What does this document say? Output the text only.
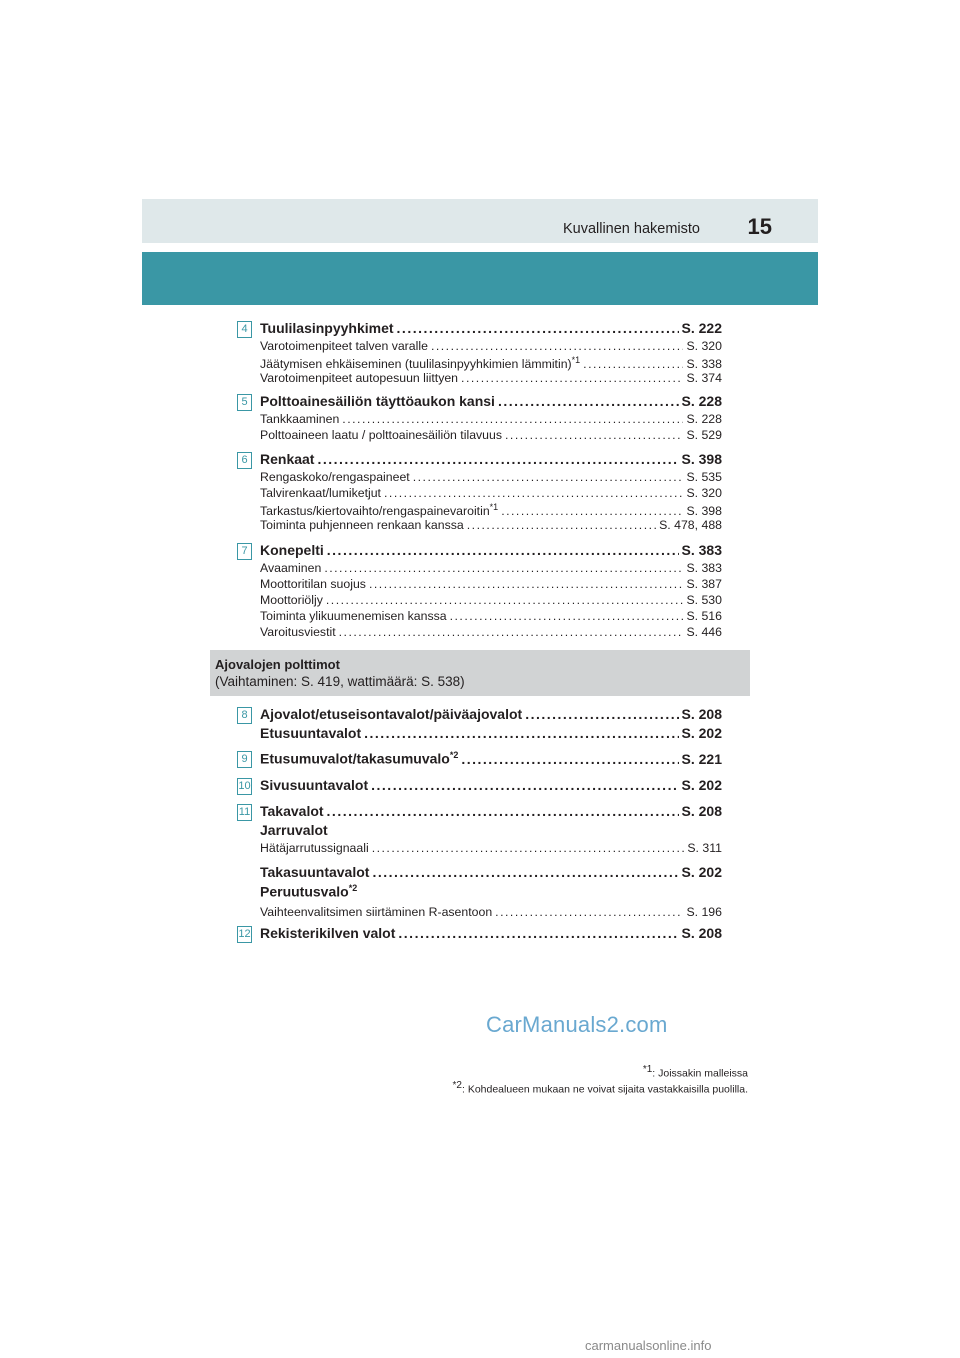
Kuvallinen hakemisto 15
4 Tuulilasinpyyhkimet .....	S. 222
Varotoimenpiteet talven varalle .....	S. 320
Jäätymisen ehkäiseminen (tuulilasinpyyhkimien lämmitin)$^{*1}$ .....	S. 338
Varotoimenpiteet autopesuun liittyen .....	S. 374
5 Polttoainesäiliön täyttöaukon kansi .....	S. 228
Tankkaaminen .....	S. 228
Polttoaineen laatu / polttoainesäiliön tilavuus .....	S. 529
6 Renkaat .....	S. 398
Rengaskoko/rengaspaineet .....	S. 535
Talvirenkaat/lumiketjut .....	S. 320
Tarkastus/kiertovaihto/rengaspainevaroitin$^{*1}$ .....	S. 398
Toiminta puhjenneen renkaan kanssa .....	S. 478, 488
7 Konepelti .....	S. 383
Avaaminen .....	S. 383
Moottoritilan suojus .....	S. 387
Moottoriöljy .....	S. 530
Toiminta ylikuumenemisen kanssa .....	S. 516
Varoitusviestit .....	S. 446
Ajovalojen polttimot
(Vaihtaminen: S. 419, wattimäärä: S. 538)
8 Ajovalot/etuseisontavalot/päiväajovalot .....	S. 208
Etusuuntavalot .....	S. 202
9 Etusumuvalot/takasumuvalo$^{*2}$ .....	S. 221
10 Sivusuuntavalot .....	S. 202
11 Takavalot .....	S. 208
Jarruvalot
Hätäjarrutussignaali .....	S. 311
Takasuuntavalot .....	S. 202
Peruutusvalo$^{*2}$
Vaihteenvalitsimen siirtäminen R-asentoon .....	S. 196
12 Rekisterikilven valot .....	S. 208
CarManuals2.com
$^{*1}$: Joissakin malleissa
$^{*2}$: Kohdealueen mukaan ne voivat sijaita vastakkaisilla puolilla.
carmanualsonline.info
